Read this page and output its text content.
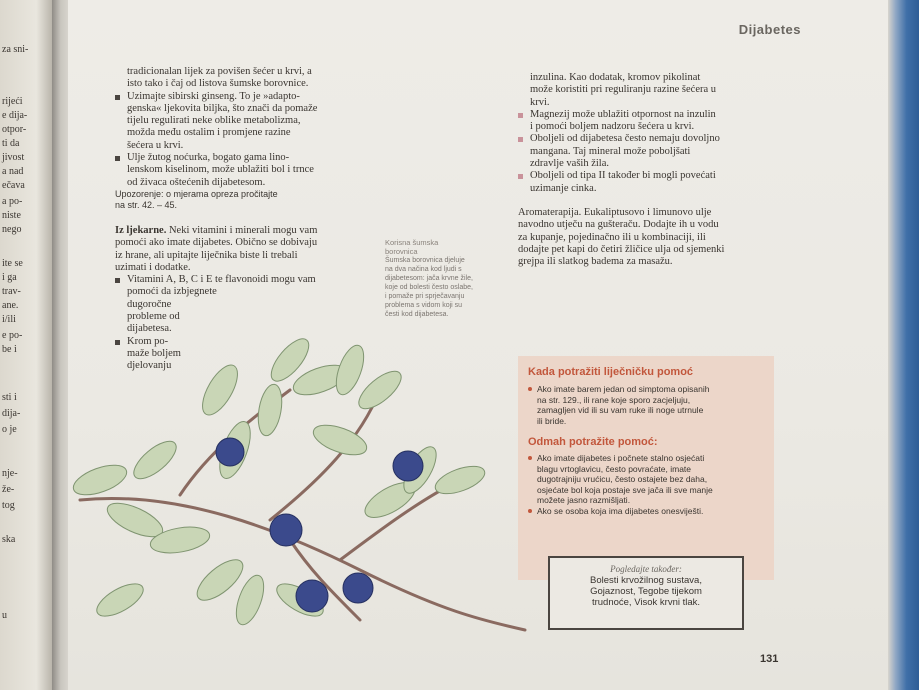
za sni-
rijeći
e dija-
otpor-
ti da
jivost
a nad
ečava
a po-
niste
nego
ite se
i ga
trav-
ane.
i/ili
e po-
be i
sti i
dija-
o je
nje-
že-
tog
ska
u
Dijabetes
tradicionalan lijek za povišen šećer u krvi, a
isto tako i čaj od listova šumske borovnice.
Uzimajte sibirski ginseng. To je »adapto-
genska« ljekovita biljka, što znači da pomaže
tijelu regulirati neke oblike metabolizma,
možda među ostalim i promjene razine
šećera u krvi.
Ulje žutog noćurka, bogato gama lino-
lenskom kiselinom, može ublažiti bol i trnce
od živaca oštećenih dijabetesom.
Upozorenje: o mjerama opreza pročitajte
na str. 42. – 45.
Iz ljekarne. Neki vitamini i minerali mogu vam
pomoći ako imate dijabetes. Obično se dobivaju
iz hrane, ali upitajte liječnika biste li trebali
uzimati i dodatke.
Vitamini A, B, C i E te flavonoidi mogu vam
pomoći da izbjegnete
dugoročne
probleme od
dijabetesa.
Krom po-
maže boljem
djelovanju
Korisna šumska
borovnica
Šumska borovnica djeluje
na dva načina kod ljudi s
dijabetesom: jača krvne žile,
koje od bolesti često oslabe,
i pomaže pri sprječavanju
problema s vidom koji su
česti kod dijabetesa.
inzulina. Kao dodatak, kromov pikolinat
može koristiti pri reguliranju razine šećera u
krvi.
Magnezij može ublažiti otpornost na inzulin
i pomoći boljem nadzoru šećera u krvi.
Oboljeli od dijabetesa često nemaju dovoljno
mangana. Taj mineral može poboljšati
zdravlje vaših žila.
Oboljeli od tipa II također bi mogli povećati
uzimanje cinka.
Aromaterapija. Eukaliptusovo i limunovo ulje
navodno utječu na gušteraču. Dodajte ih u vodu
za kupanje, pojedinačno ili u kombinaciji, ili
dodajte pet kapi do četiri žličice ulja od sjemenki
grejpa ili slatkog badema za masažu.
Kada potražiti liječničku pomoć
Ako imate barem jedan od simptoma opisanih
na str. 129., ili rane koje sporo zacjeljuju,
zamagljen vid ili su vam ruke ili noge utrnule
ili bride.
Odmah potražite pomoć:
Ako imate dijabetes i počnete stalno osjećati
blagu vrtoglavicu, često povraćate, imate
dugotrajniju vrućicu, često ostajete bez daha,
osjećate bol koja postaje sve jača ili sve manje
možete jasno razmišljati.
Ako se osoba koja ima dijabetes onesviješti.
Pogledajte također:
Bolesti krvožilnog sustava,
Gojaznost, Tegobe tijekom
trudnoće, Visok krvni tlak.
131
